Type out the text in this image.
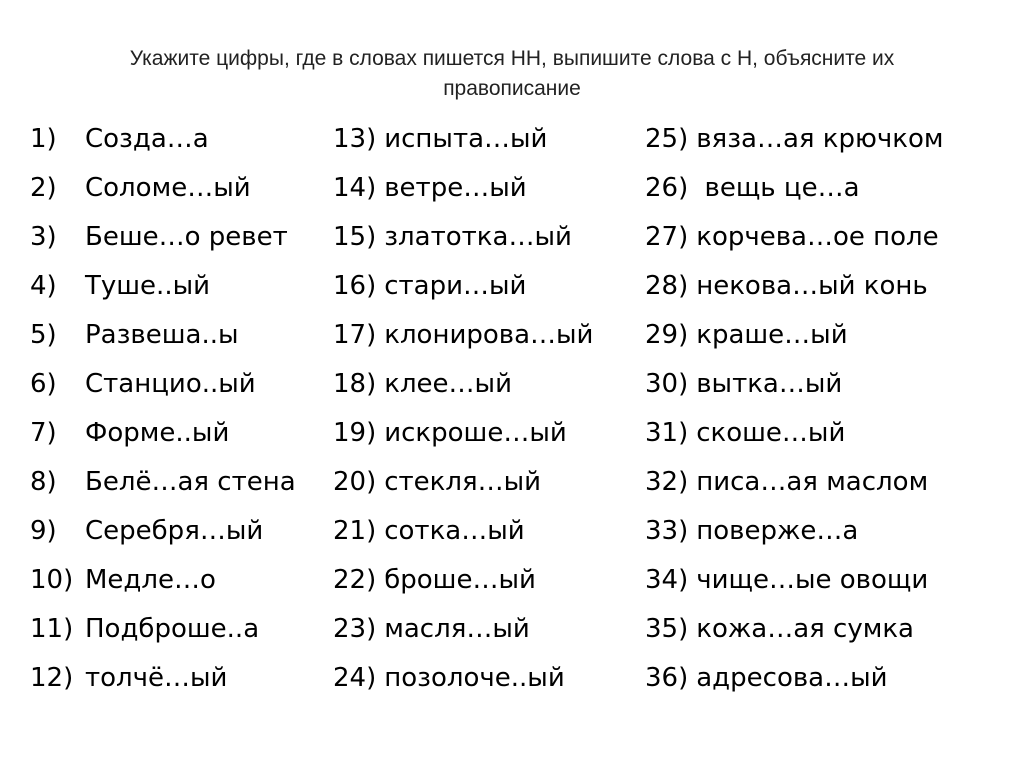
Укажите цифры, где в словах пишется НН, выпишите слова с Н, объясните их
правописание
1) Созда…а
2) Соломе…ый
3) Беше…о ревет
4) Туше..ый
5) Развеша..ы
6) Станцио..ый
7) Форме..ый
8) Белё…ая стена
9) Серебря…ый
10) Медле…о
11) Подброше..а
12) толчё…ый
13) испыта…ый
14) ветре…ый
15) златотка…ый
16) стари…ый
17) клонирова…ый
18) клее…ый
19) искроше…ый
20) стекля…ый
21) сотка…ый
22) броше…ый
23) масля…ый
24) позолоче..ый
25) вяза…ая крючком
26) вещь це…а
27) корчева…ое поле
28) некова…ый конь
29) краше…ый
30) вытка…ый
31) скоше…ый
32) писа…ая маслом
33) поверже…а
34) чище…ые овощи
35) кожа…ая сумка
36) адресова…ый
